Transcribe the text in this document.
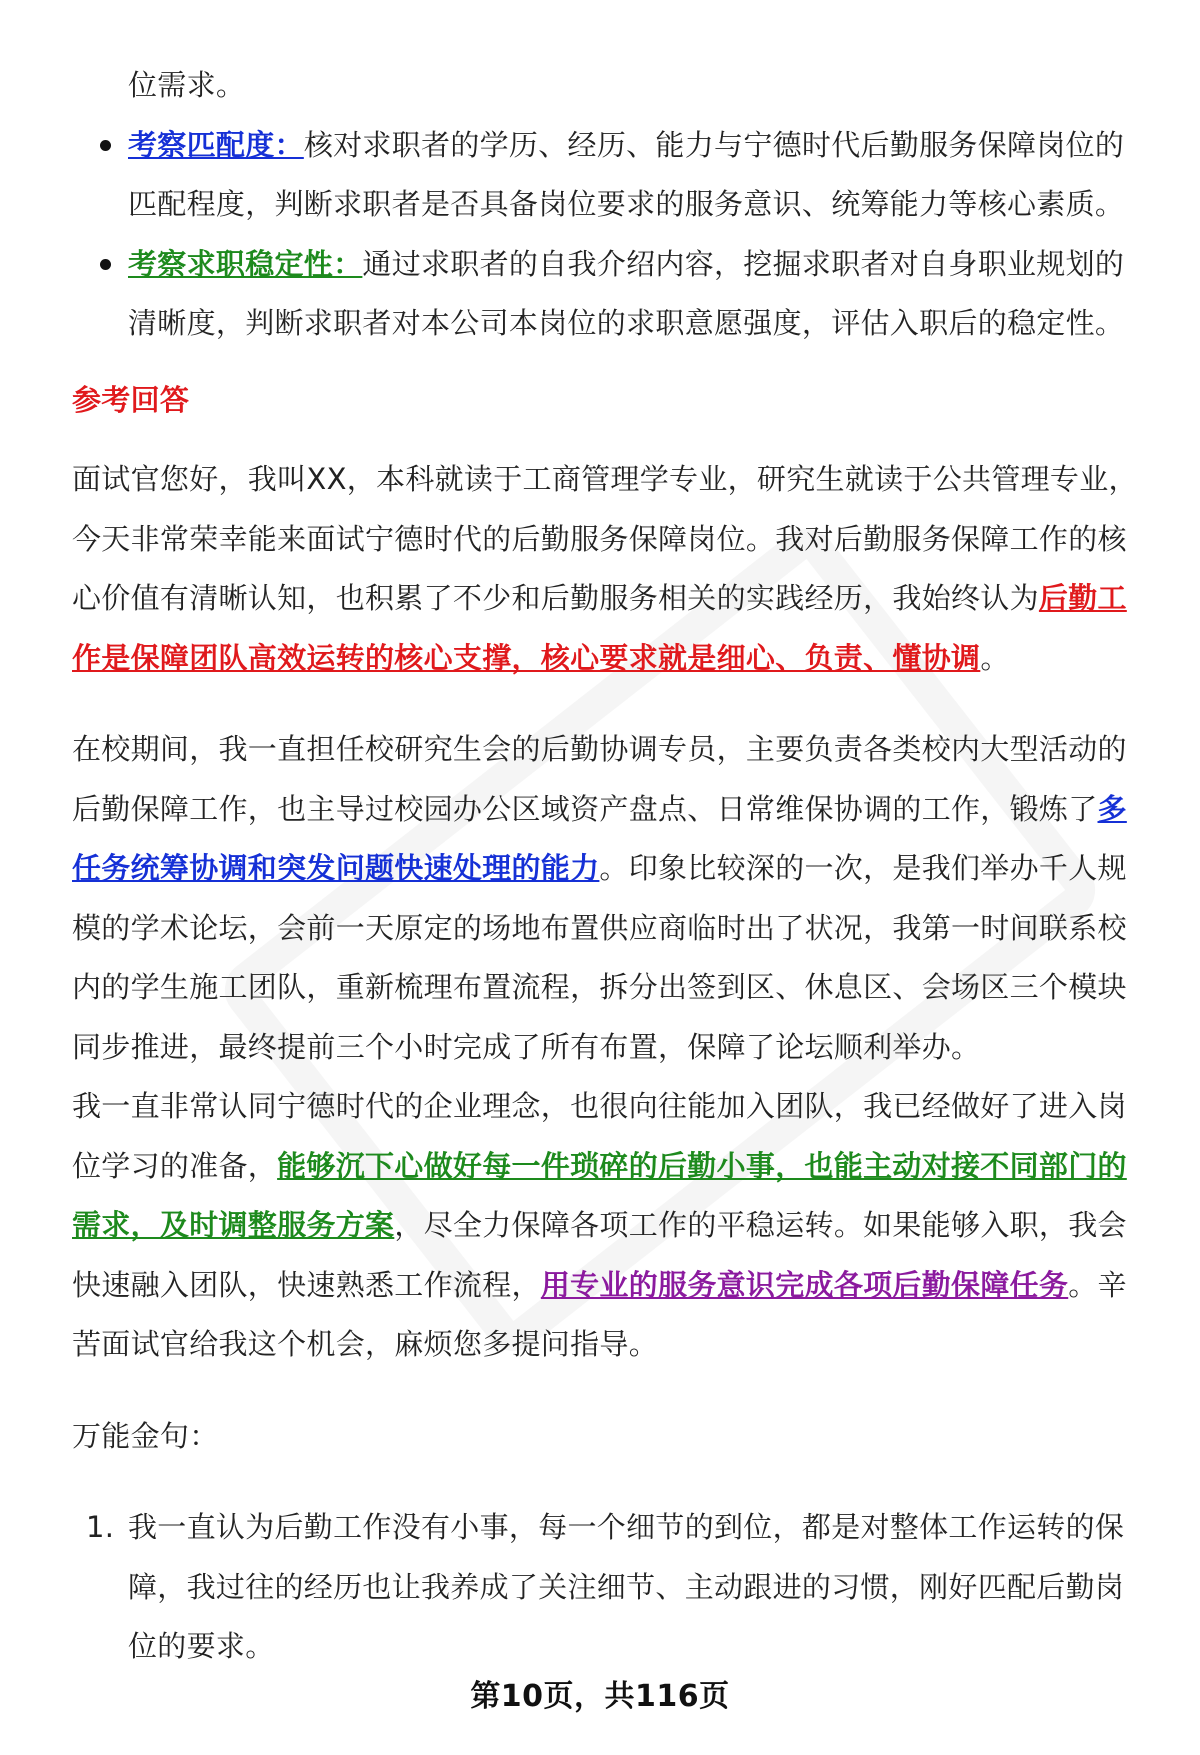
位需求。

考察匹配度：核对求职者的学历、经历、能力与宁德时代后勤服务保障岗位的匹配程度，判断求职者是否具备岗位要求的服务意识、统筹能力等核心素质。
考察求职稳定性：通过求职者的自我介绍内容，挖掘求职者对自身职业规划的清晰度，判断求职者对本公司本岗位的求职意愿强度，评估入职后的稳定性。

参考回答

面试官您好，我叫XX，本科就读于工商管理学专业，研究生就读于公共管理专业，今天非常荣幸能来面试宁德时代的后勤服务保障岗位。我对后勤服务保障工作的核心价值有清晰认知，也积累了不少和后勤服务相关的实践经历，我始终认为后勤工作是保障团队高效运转的核心支撑，核心要求就是细心、负责、懂协调。

在校期间，我一直担任校研究生会的后勤协调专员，主要负责各类校内大型活动的后勤保障工作，也主导过校园办公区域资产盘点、日常维保协调的工作，锻炼了多任务统筹协调和突发问题快速处理的能力。印象比较深的一次，是我们举办千人规模的学术论坛，会前一天原定的场地布置供应商临时出了状况，我第一时间联系校内的学生施工团队，重新梳理布置流程，拆分出签到区、休息区、会场区三个模块同步推进，最终提前三个小时完成了所有布置，保障了论坛顺利举办。

我一直非常认同宁德时代的企业理念，也很向往能加入团队，我已经做好了进入岗位学习的准备，能够沉下心做好每一件琐碎的后勤小事，也能主动对接不同部门的需求，及时调整服务方案，尽全力保障各项工作的平稳运转。如果能够入职，我会快速融入团队，快速熟悉工作流程，用专业的服务意识完成各项后勤保障任务。辛苦面试官给我这个机会，麻烦您多提问指导。

万能金句：

1. 我一直认为后勤工作没有小事，每一个细节的到位，都是对整体工作运转的保障，我过往的经历也让我养成了关注细节、主动跟进的习惯，刚好匹配后勤岗位的要求。

第10页，共116页
